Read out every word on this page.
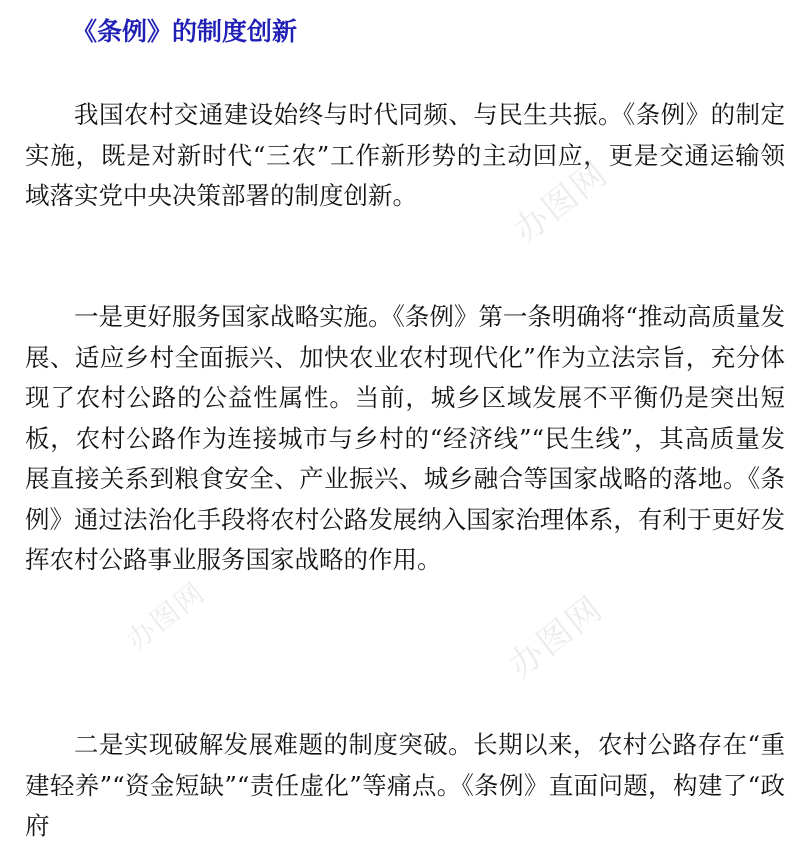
《条例》的制度创新

我国农村交通建设始终与时代同频、与民生共振。《条例》的制定实施，既是对新时代“三农”工作新形势的主动回应，更是交通运输领域落实党中央决策部署的制度创新。

一是更好服务国家战略实施。《条例》第一条明确将“推动高质量发展、适应乡村全面振兴、加快农业农村现代化”作为立法宗旨，充分体现了农村公路的公益性属性。当前，城乡区域发展不平衡仍是突出短板，农村公路作为连接城市与乡村的“经济线”“民生线”，其高质量发展直接关系到粮食安全、产业振兴、城乡融合等国家战略的落地。《条例》通过法治化手段将农村公路发展纳入国家治理体系，有利于更好发挥农村公路事业服务国家战略的作用。

二是实现破解发展难题的制度突破。长期以来，农村公路存在“重建轻养”“资金短缺”“责任虚化”等痛点。《条例》直面问题，构建了“政府

办图网
办图网
办图网
